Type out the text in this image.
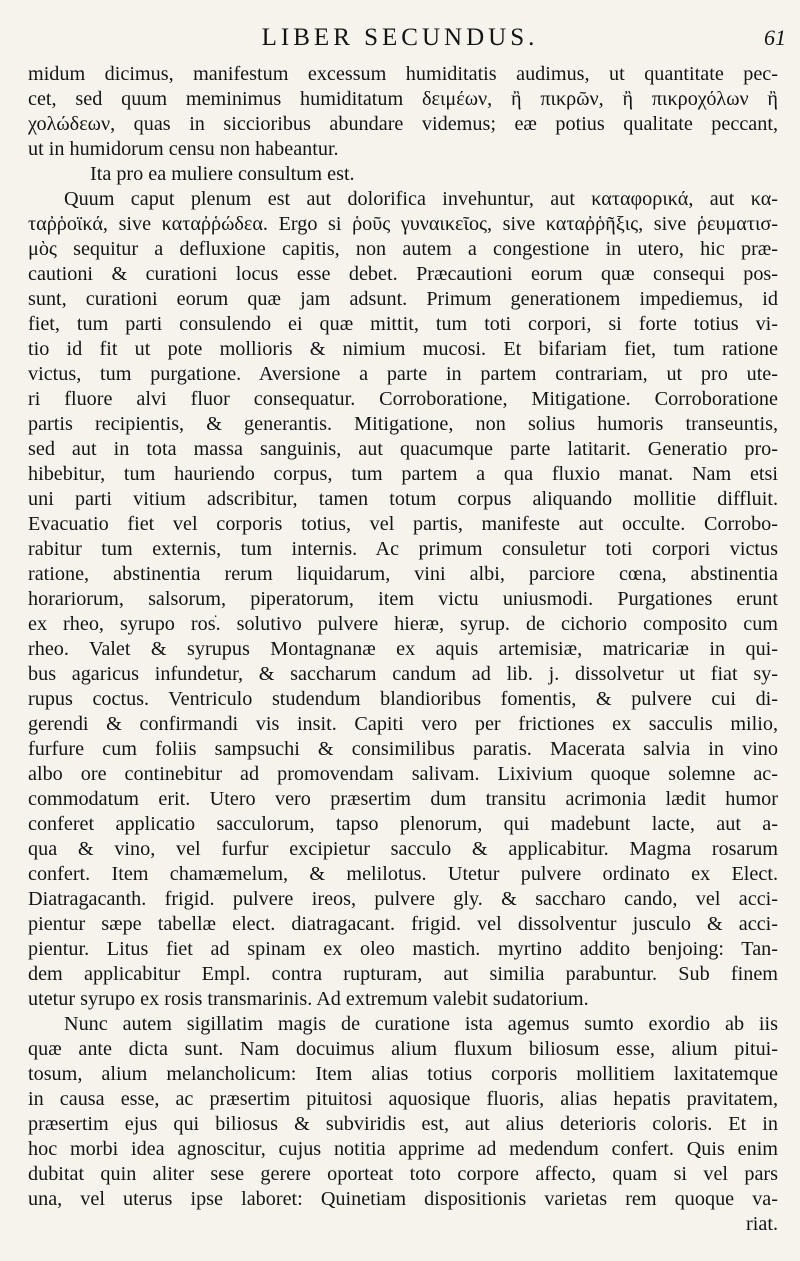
LIBER SECUNDUS.	61
midum dicimus, manifestum excessum humiditatis audimus, ut quantitate pec-
cet, sed quum meminimus humiditatum δειμέων, ἢ πικρῶν, ἢ πικροχόλων ἢ
χολώδεων, quas in siccioribus abundare videmus; eæ potius qualitate peccant,
ut in humidorum censu non habeantur.
Ita pro ea muliere consultum est.
Quum caput plenum est aut dolorifica invehuntur, aut καταφορικά, aut κα-
ταῤῥοϊκά, sive καταῤῥώδεα. Ergo si ῥοῦς γυναικεῖος, sive καταῤῥῆξις, sive ῥευματισ-
μὸς sequitur a defluxione capitis, non autem a congestione in utero, hic præ-
cautioni & curationi locus esse debet. Præcautioni eorum quæ consequi pos-
sunt, curationi eorum quæ jam adsunt. Primum generationem impediemus, id
fiet, tum parti consulendo ei quæ mittit, tum toti corpori, si forte totius vi-
tio id fit ut pote mollioris & nimium mucosi. Et bifariam fiet, tum ratione
victus, tum purgatione. Aversione a parte in partem contrariam, ut pro ute-
ri fluore alvi fluor consequatur. Corroboratione, Mitigatione. Corroboratione
partis recipientis, & generantis. Mitigatione, non solius humoris transeuntis,
sed aut in tota massa sanguinis, aut quacumque parte latitarit. Generatio pro-
hibebitur, tum hauriendo corpus, tum partem a qua fluxio manat. Nam etsi
uni parti vitium adscribitur, tamen totum corpus aliquando mollitie diffluit.
Evacuatio fiet vel corporis totius, vel partis, manifeste aut occulte. Corrobo-
rabitur tum externis, tum internis. Ac primum consuletur toti corpori victus
ratione, abstinentia rerum liquidarum, vini albi, parciore cœna, abstinentia
horariorum, salsorum, piperatorum, item victu uniusmodi. Purgationes erunt
ex rheo, syrupo rosֹ. solutivo pulvere hieræ, syrup. de cichorio composito cum
rheo. Valet & syrupus Montagnanæ ex aquis artemisiæ, matricariæ in qui-
bus agaricus infundetur, & saccharum candum ad lib. j. dissolvetur ut fiat sy-
rupus coctus. Ventriculo studendum blandioribus fomentis, & pulvere cui di-
gerendi & confirmandi vis insit. Capiti vero per frictiones ex sacculis milio,
furfure cum foliis sampsuchi & consimilibus paratis. Macerata salvia in vino
albo ore continebitur ad promovendam salivam. Lixivium quoque solemne ac-
commodatum erit. Utero vero præsertim dum transitu acrimonia lædit humor
conferet applicatio sacculorum, tapso plenorum, qui madebunt lacte, aut a-
qua & vino, vel furfur excipietur sacculo & applicabitur. Magma rosarum
confert. Item chamæmelum, & melilotus. Utetur pulvere ordinato ex Elect.
Diatragacanth. frigid. pulvere ireos, pulvere gly. & saccharo cando, vel acci-
pientur sæpe tabellæ elect. diatragacant. frigid. vel dissolventur jusculo & acci-
pientur. Litus fiet ad spinam ex oleo mastich. myrtino addito benjoing: Tan-
dem applicabitur Empl. contra rupturam, aut similia parabuntur. Sub finem
utetur syrupo ex rosis transmarinis. Ad extremum valebit sudatorium.
Nunc autem sigillatim magis de curatione ista agemus sumto exordio ab iis
quæ ante dicta sunt. Nam docuimus alium fluxum biliosum esse, alium pitui-
tosum, alium melancholicum: Item alias totius corporis mollitiem laxitatemque
in causa esse, ac præsertim pituitosi aquosique fluoris, alias hepatis pravitatem,
præsertim ejus qui biliosus & subviridis est, aut alius deterioris coloris. Et in
hoc morbi idea agnoscitur, cujus notitia apprime ad medendum confert. Quis enim
dubitat quin aliter sese gerere oporteat toto corpore affecto, quam si vel pars
una, vel uterus ipse laboret: Quinetiam dispositionis varietas rem quoque va-
riat.
